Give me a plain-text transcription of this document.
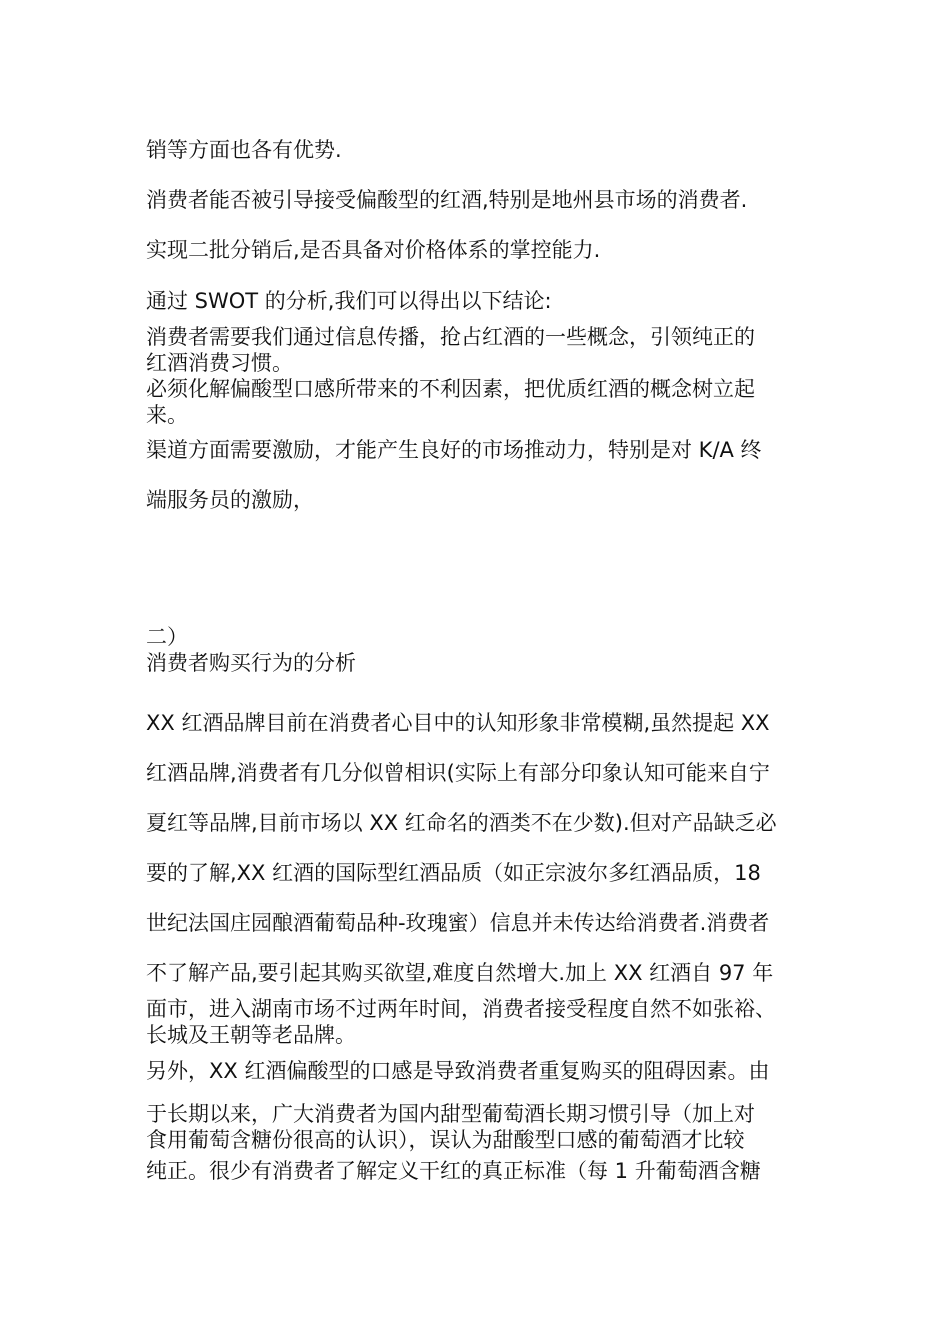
销等方面也各有优势.
消费者能否被引导接受偏酸型的红酒,特别是地州县市场的消费者.
实现二批分销后,是否具备对价格体系的掌控能力.
通过 SWOT 的分析,我们可以得出以下结论:
消费者需要我们通过信息传播，抢占红酒的一些概念，引领纯正的
红酒消费习惯。
必须化解偏酸型口感所带来的不利因素，把优质红酒的概念树立起
来。
渠道方面需要激励，才能产生良好的市场推动力，特别是对 K/A 终
端服务员的激励，
二）
消费者购买行为的分析
XX 红酒品牌目前在消费者心目中的认知形象非常模糊,虽然提起 XX
红酒品牌,消费者有几分似曾相识(实际上有部分印象认知可能来自宁
夏红等品牌,目前市场以 XX 红命名的酒类不在少数).但对产品缺乏必
要的了解,XX 红酒的国际型红酒品质（如正宗波尔多红酒品质，18
世纪法国庄园酿酒葡萄品种-玫瑰蜜）信息并未传达给消费者.消费者
不了解产品,要引起其购买欲望,难度自然增大.加上 XX 红酒自 97 年
面市，进入湖南市场不过两年时间，消费者接受程度自然不如张裕、
长城及王朝等老品牌。
另外，XX 红酒偏酸型的口感是导致消费者重复购买的阻碍因素。由
于长期以来，广大消费者为国内甜型葡萄酒长期习惯引导（加上对
食用葡萄含糖份很高的认识），误认为甜酸型口感的葡萄酒才比较
纯正。很少有消费者了解定义干红的真正标准（每 1 升葡萄酒含糖
